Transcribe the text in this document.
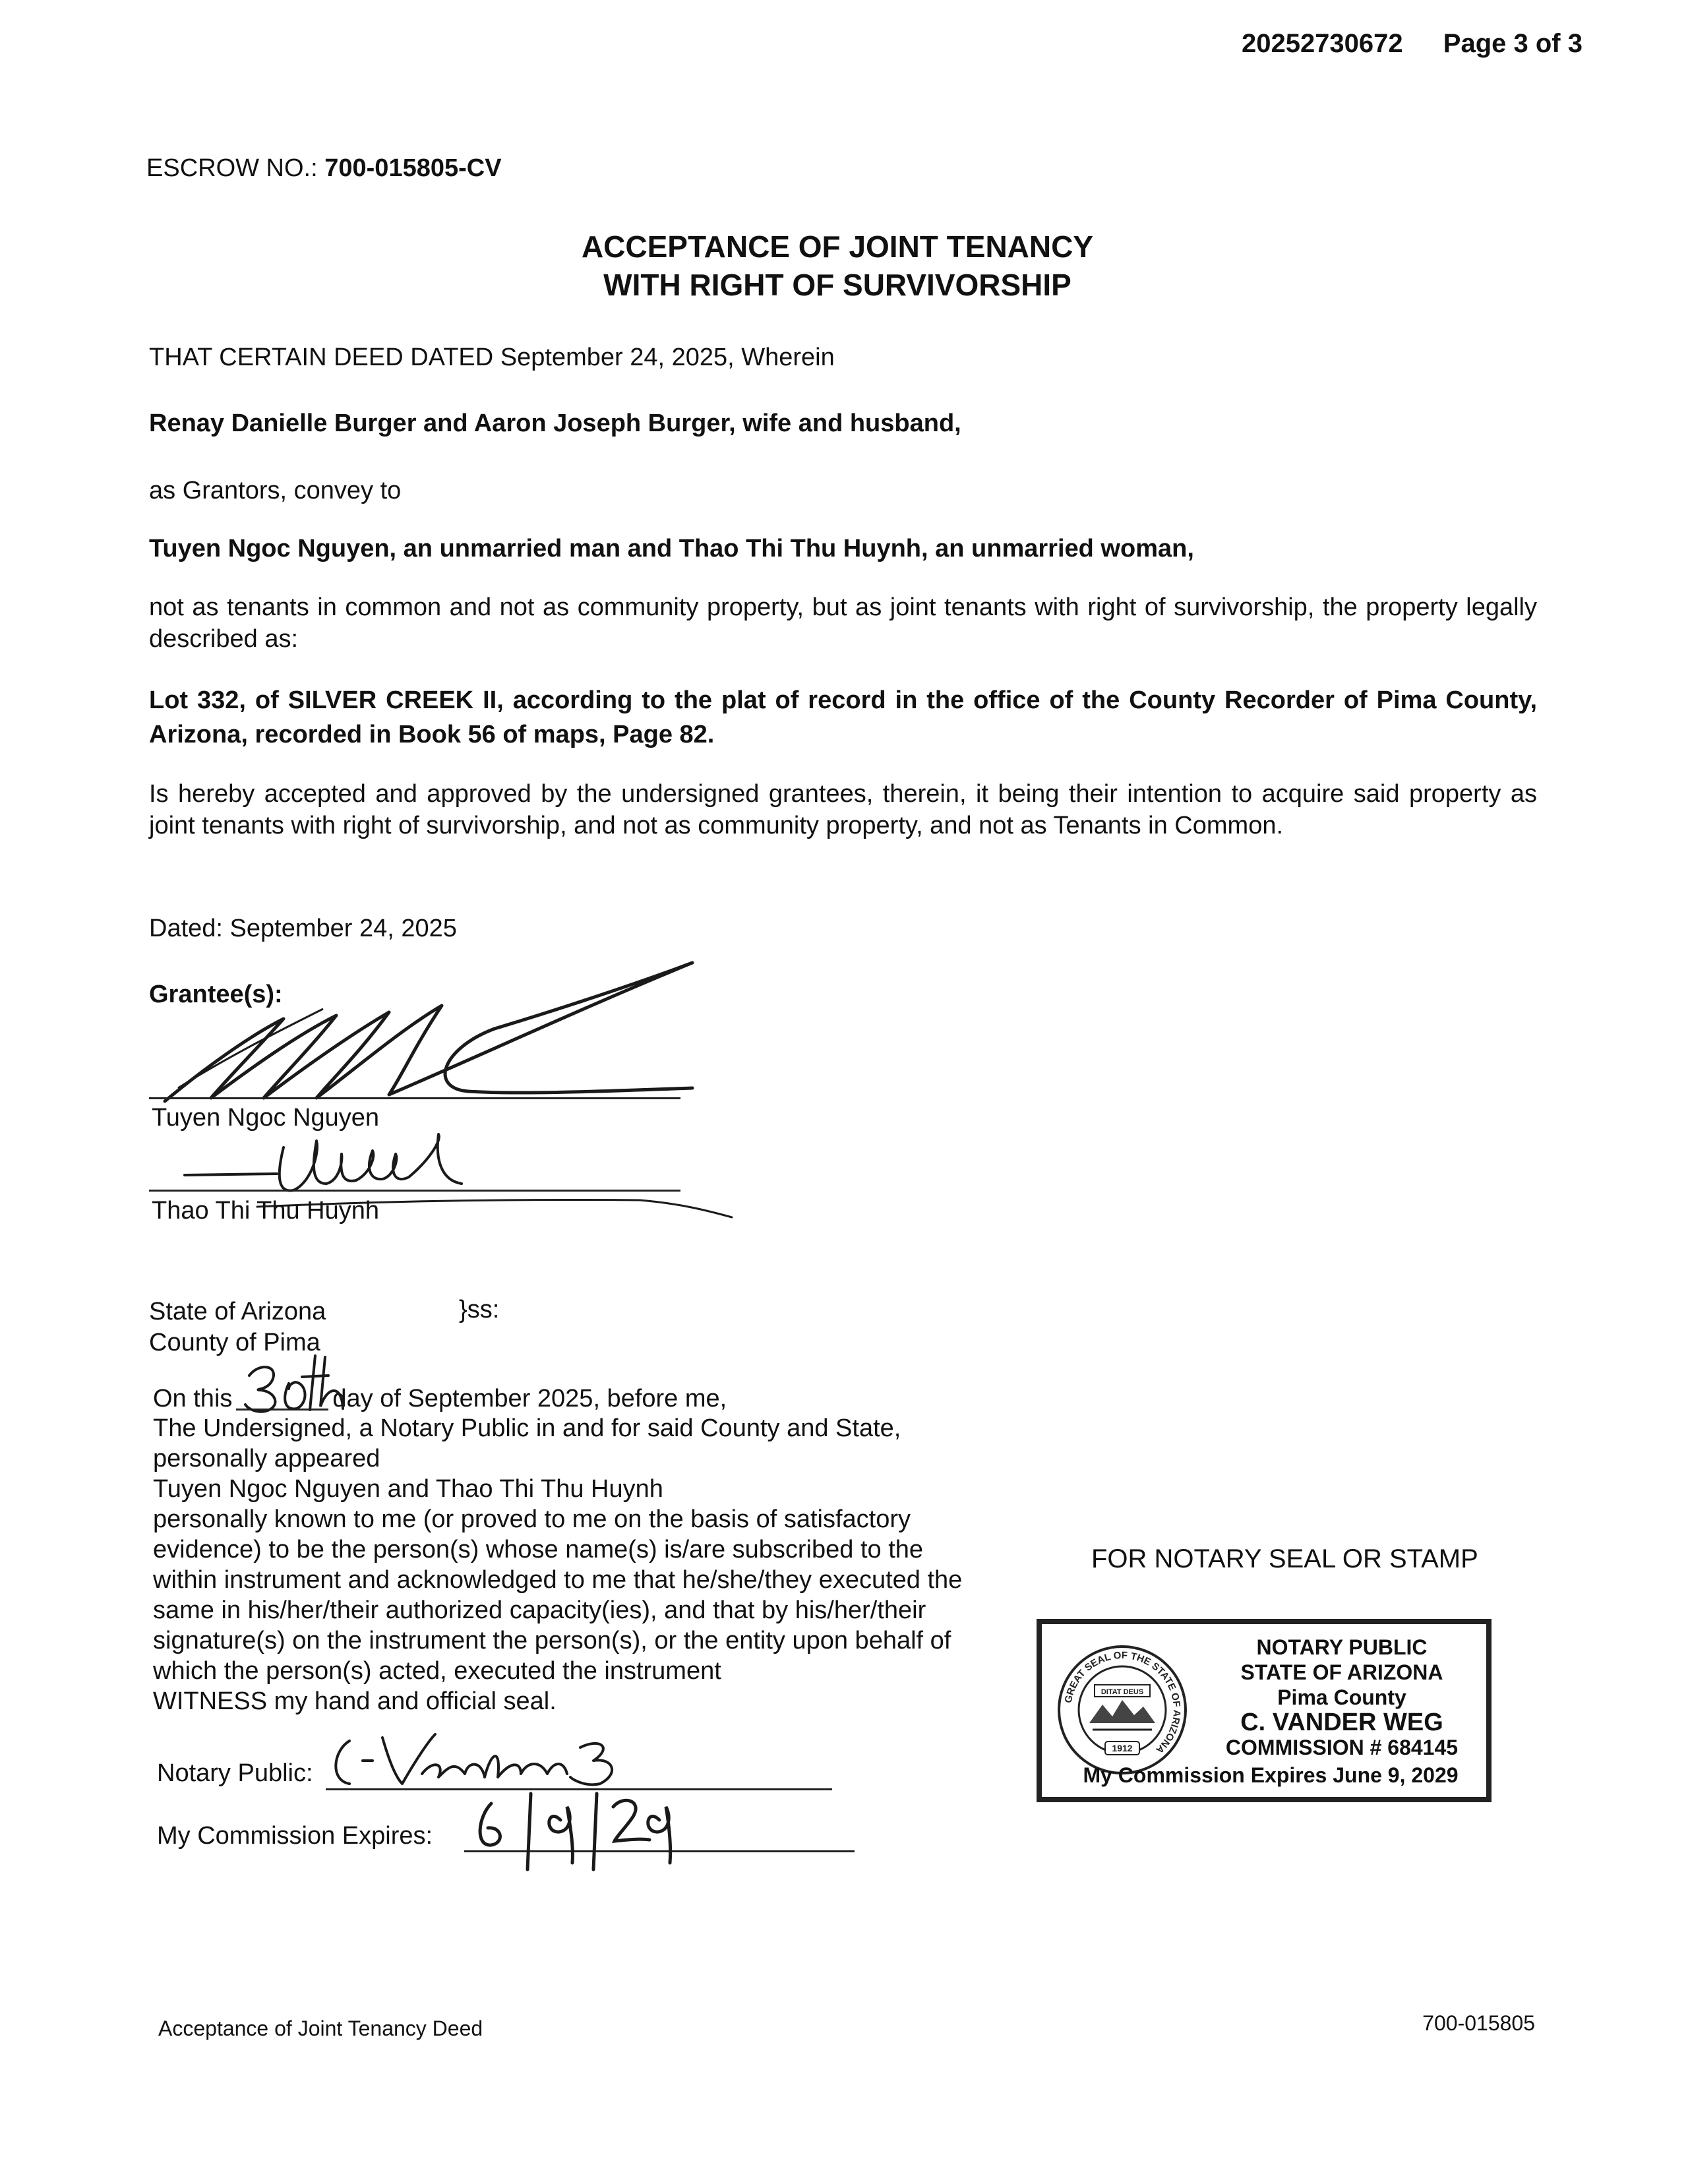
20252730672 Page 3 of 3
ESCROW NO.: 700-015805-CV
ACCEPTANCE OF JOINT TENANCY
WITH RIGHT OF SURVIVORSHIP
THAT CERTAIN DEED DATED September 24, 2025, Wherein
Renay Danielle Burger and Aaron Joseph Burger, wife and husband,
as Grantors, convey to
Tuyen Ngoc Nguyen, an unmarried man and Thao Thi Thu Huynh, an unmarried woman,
not as tenants in common and not as community property, but as joint tenants with right of survivorship, the property legally described as:
Lot 332, of SILVER CREEK II, according to the plat of record in the office of the County Recorder of Pima County, Arizona, recorded in Book 56 of maps, Page 82.
Is hereby accepted and approved by the undersigned grantees, therein, it being their intention to acquire said property as joint tenants with right of survivorship, and not as community property, and not as Tenants in Common.
Dated: September 24, 2025
Grantee(s):
Tuyen Ngoc Nguyen
Thao Thi Thu Huynh
State of Arizona	}ss:
County of Pima
On this	day of September 2025, before me,
The Undersigned, a Notary Public in and for said County and State,
personally appeared
Tuyen Ngoc Nguyen and Thao Thi Thu Huynh
personally known to me (or proved to me on the basis of satisfactory
evidence) to be the person(s) whose name(s) is/are subscribed to the
within instrument and acknowledged to me that he/she/they executed the
same in his/her/their authorized capacity(ies), and that by his/her/their
signature(s) on the instrument the person(s), or the entity upon behalf of
which the person(s) acted, executed the instrument
WITNESS my hand and official seal.
Notary Public:
My Commission Expires:
FOR NOTARY SEAL OR STAMP
GREAT SEAL OF THE STATE OF ARIZONA
DITAT DEUS
1912
NOTARY PUBLIC
STATE OF ARIZONA
Pima County
C. VANDER WEG
COMMISSION # 684145
My Commission Expires June 9, 2029
Acceptance of Joint Tenancy Deed	700-015805
